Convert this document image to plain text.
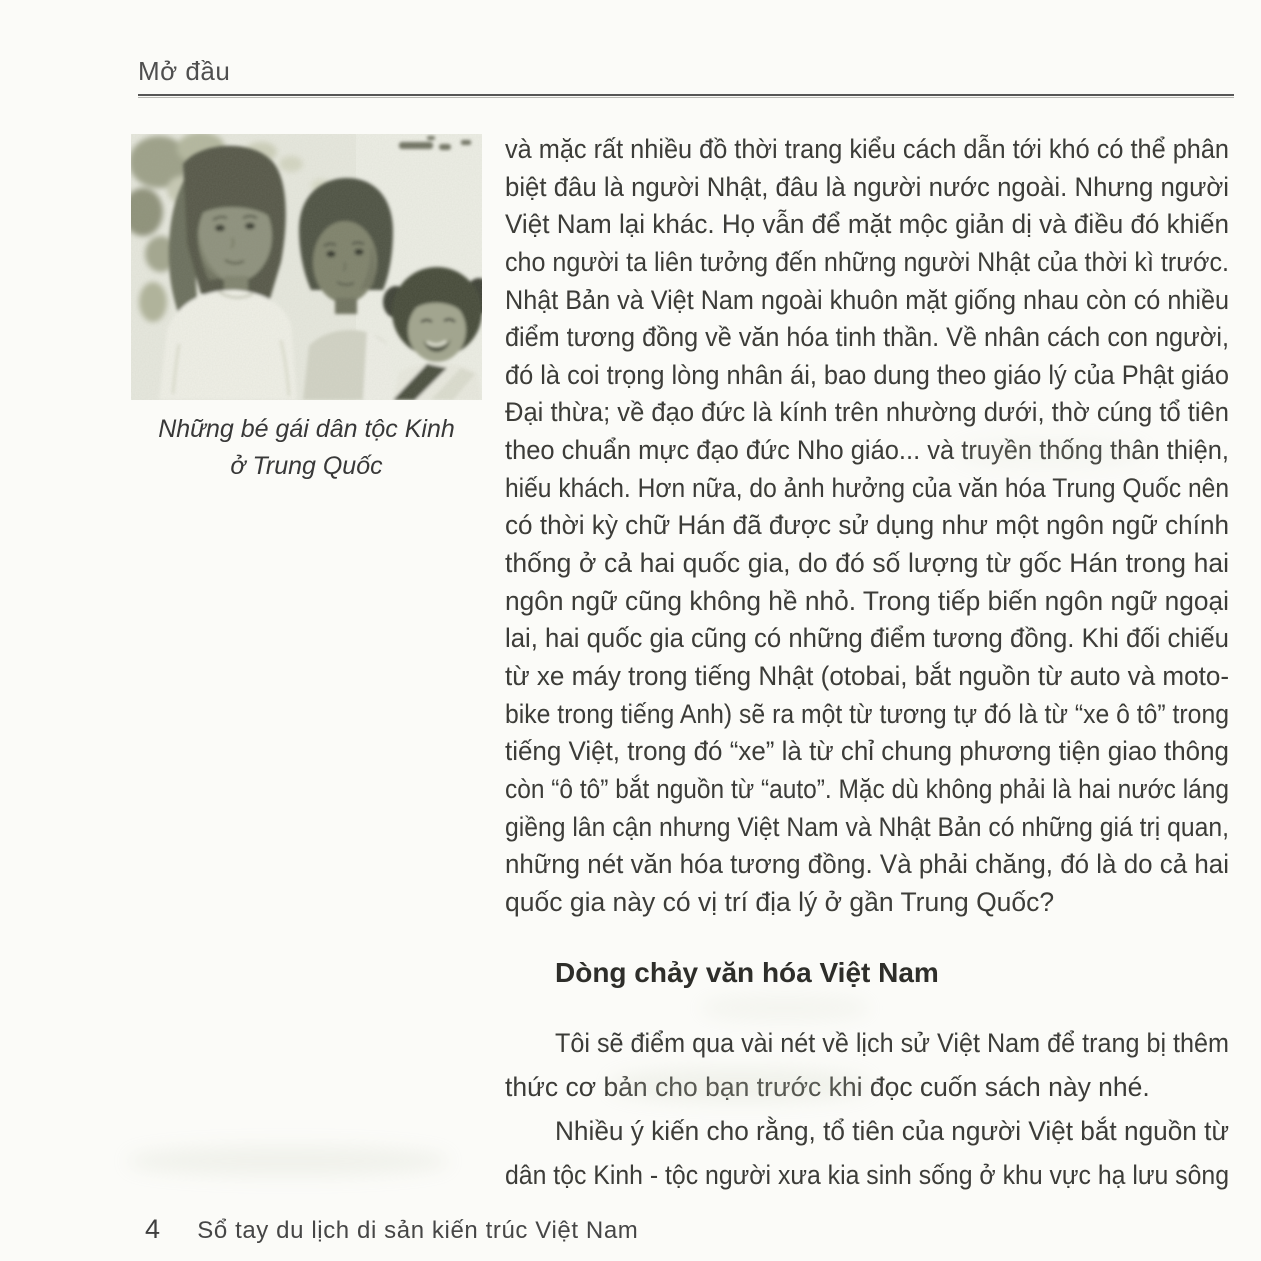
Mở đầu
Những bé gái dân tộc Kinh
ở Trung Quốc
và mặc rất nhiều đồ thời trang kiểu cách dẫn tới khó có thể phân
biệt đâu là người Nhật, đâu là người nước ngoài. Nhưng người
Việt Nam lại khác. Họ vẫn để mặt mộc giản dị và điều đó khiến
cho người ta liên tưởng đến những người Nhật của thời kì trước.
Nhật Bản và Việt Nam ngoài khuôn mặt giống nhau còn có nhiều
điểm tương đồng về văn hóa tinh thần. Về nhân cách con người,
đó là coi trọng lòng nhân ái, bao dung theo giáo lý của Phật giáo
Đại thừa; về đạo đức là kính trên nhường dưới, thờ cúng tổ tiên
theo chuẩn mực đạo đức Nho giáo... và truyền thống thân thiện,
hiếu khách. Hơn nữa, do ảnh hưởng của văn hóa Trung Quốc nên
có thời kỳ chữ Hán đã được sử dụng như một ngôn ngữ chính
thống ở cả hai quốc gia, do đó số lượng từ gốc Hán trong hai
ngôn ngữ cũng không hề nhỏ. Trong tiếp biến ngôn ngữ ngoại
lai, hai quốc gia cũng có những điểm tương đồng. Khi đối chiếu
từ xe máy trong tiếng Nhật (otobai, bắt nguồn từ auto và moto-
bike trong tiếng Anh) sẽ ra một từ tương tự đó là từ “xe ô tô” trong
tiếng Việt, trong đó “xe” là từ chỉ chung phương tiện giao thông
còn “ô tô” bắt nguồn từ “auto”. Mặc dù không phải là hai nước láng
giềng lân cận nhưng Việt Nam và Nhật Bản có những giá trị quan,
những nét văn hóa tương đồng. Và phải chăng, đó là do cả hai
quốc gia này có vị trí địa lý ở gần Trung Quốc?
Dòng chảy văn hóa Việt Nam
Tôi sẽ điểm qua vài nét về lịch sử Việt Nam để trang bị thêm
thức cơ bản cho bạn trước khi đọc cuốn sách này nhé.
Nhiều ý kiến cho rằng, tổ tiên của người Việt bắt nguồn từ
dân tộc Kinh - tộc người xưa kia sinh sống ở khu vực hạ lưu sông
4 Sổ tay du lịch di sản kiến trúc Việt Nam
